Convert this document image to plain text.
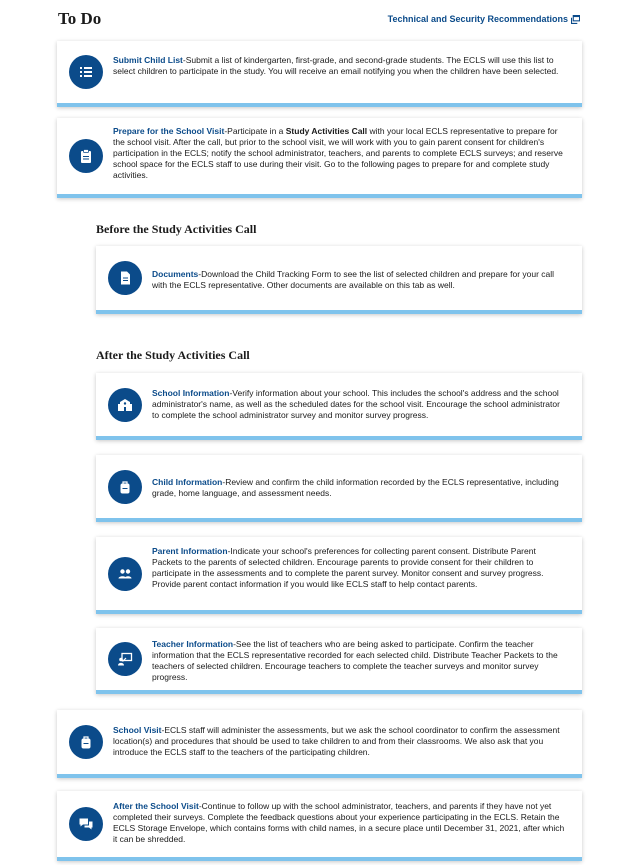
To Do	Technical and Security Recommendations
Submit Child List-Submit a list of kindergarten, first-grade, and second-grade students. The ECLS will use this list to select children to participate in the study. You will receive an email notifying you when the children have been selected.
Prepare for the School Visit-Participate in a Study Activities Call with your local ECLS representative to prepare for the school visit. After the call, but prior to the school visit, we will work with you to gain parent consent for children's participation in the ECLS; notify the school administrator, teachers, and parents to complete ECLS surveys; and reserve school space for the ECLS staff to use during their visit. Go to the following pages to prepare for and complete study activities.
Before the Study Activities Call
Documents-Download the Child Tracking Form to see the list of selected children and prepare for your call with the ECLS representative. Other documents are available on this tab as well.
After the Study Activities Call
School Information-Verify information about your school. This includes the school's address and the school administrator's name, as well as the scheduled dates for the school visit. Encourage the school administrator to complete the school administrator survey and monitor survey progress.
Child Information-Review and confirm the child information recorded by the ECLS representative, including grade, home language, and assessment needs.
Parent Information-Indicate your school's preferences for collecting parent consent. Distribute Parent Packets to the parents of selected children. Encourage parents to provide consent for their children to participate in the assessments and to complete the parent survey. Monitor consent and survey progress. Provide parent contact information if you would like ECLS staff to help contact parents.
Teacher Information-See the list of teachers who are being asked to participate. Confirm the teacher information that the ECLS representative recorded for each selected child. Distribute Teacher Packets to the teachers of selected children. Encourage teachers to complete the teacher surveys and monitor survey progress.
School Visit-ECLS staff will administer the assessments, but we ask the school coordinator to confirm the assessment location(s) and procedures that should be used to take children to and from their classrooms. We also ask that you introduce the ECLS staff to the teachers of the participating children.
After the School Visit-Continue to follow up with the school administrator, teachers, and parents if they have not yet completed their surveys. Complete the feedback questions about your experience participating in the ECLS. Retain the ECLS Storage Envelope, which contains forms with child names, in a secure place until December 31, 2021, after which it can be shredded.
